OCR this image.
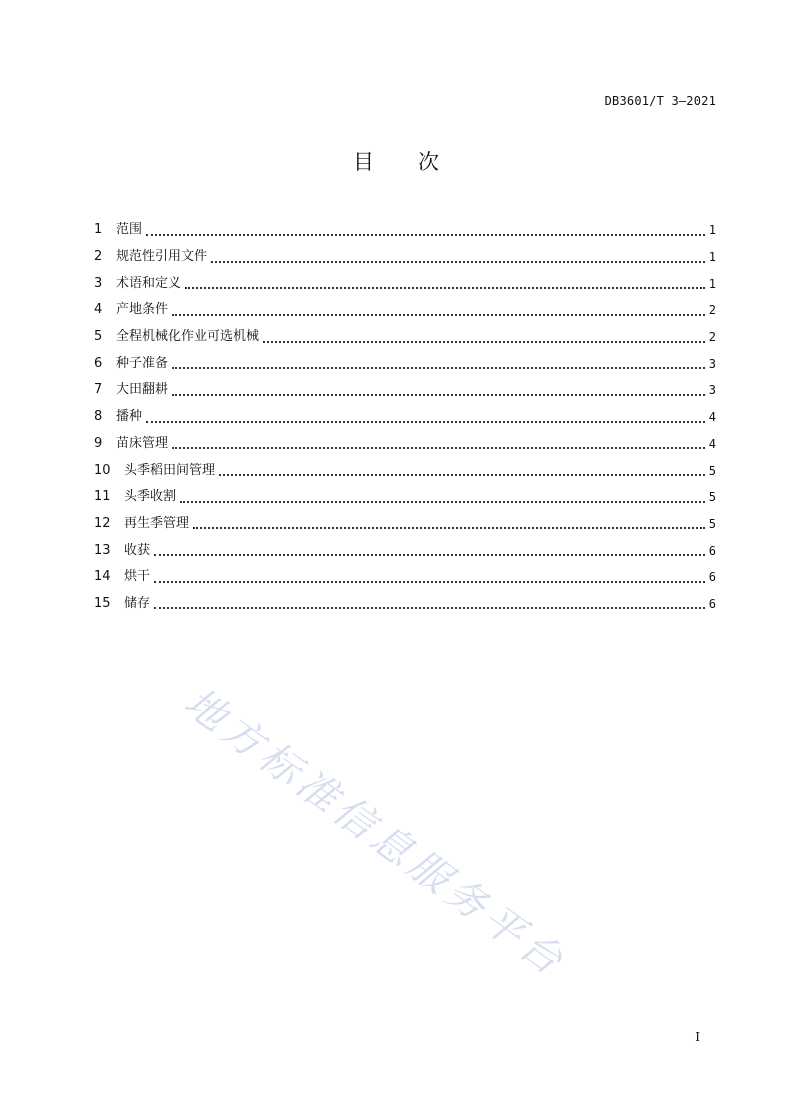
DB3601/T 3—2021
目次
1	范围	1
2	规范性引用文件	1
3	术语和定义	1
4	产地条件	2
5	全程机械化作业可选机械	2
6	种子准备	3
7	大田翻耕	3
8	播种	4
9	苗床管理	4
10	头季稻田间管理	5
11	头季收割	5
12	再生季管理	5
13	收获	6
14	烘干	6
15	储存	6
地方标准信息服务平台
I
